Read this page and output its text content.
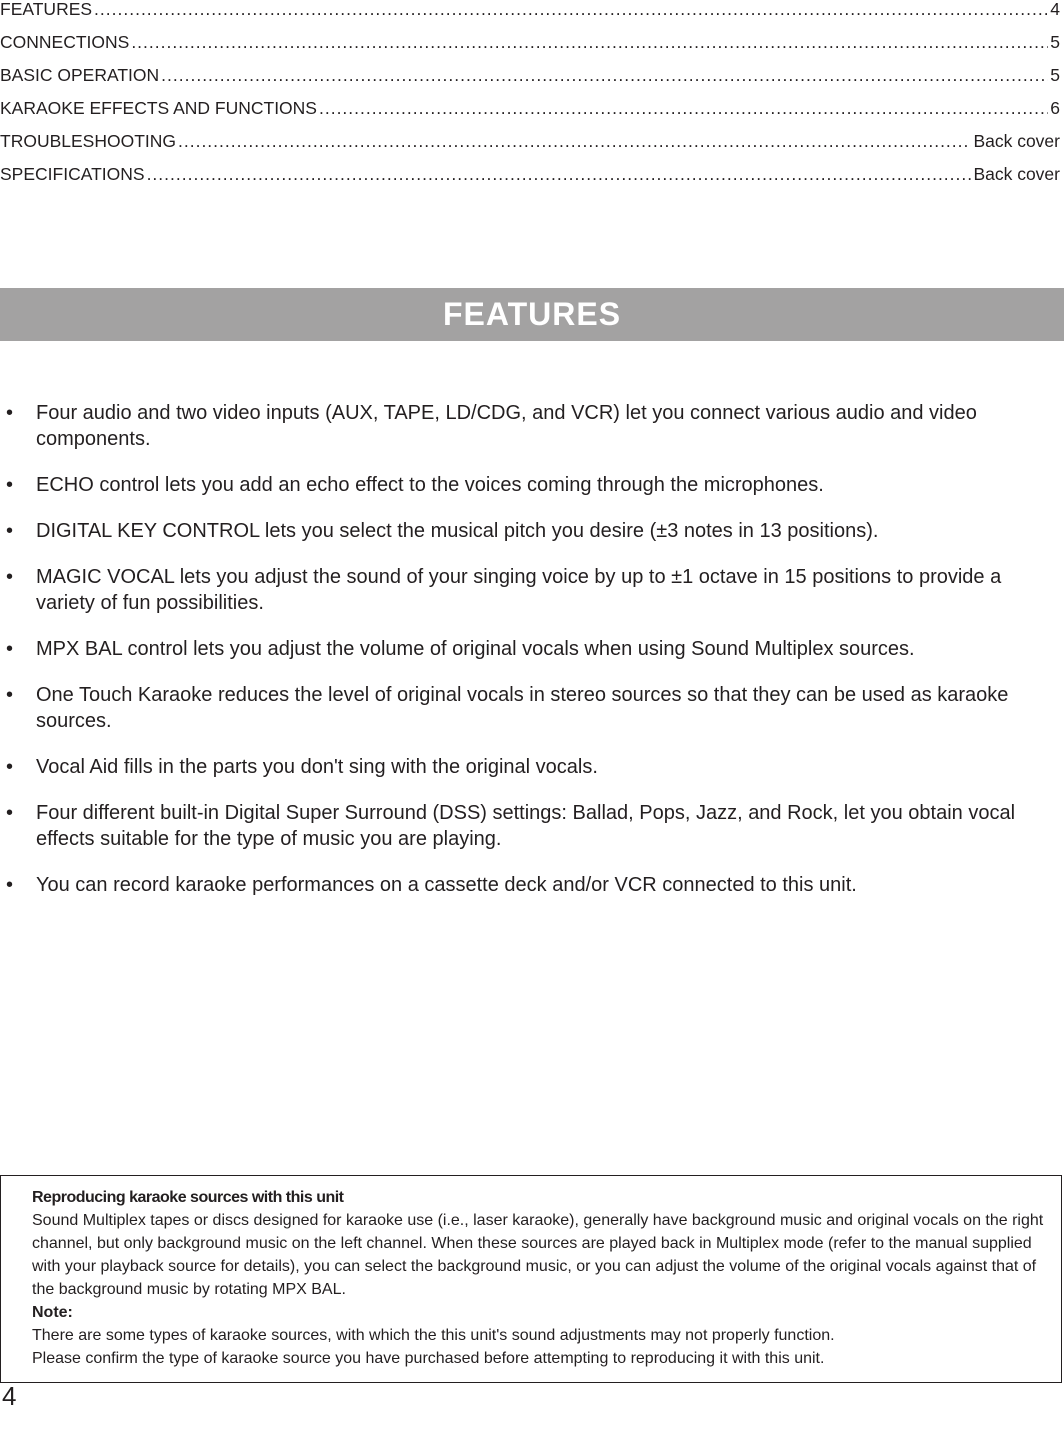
FEATURES .....	4
CONNECTIONS .....	5
BASIC OPERATION .....	5
KARAOKE EFFECTS AND FUNCTIONS .....	6
TROUBLESHOOTING .....	Back cover
SPECIFICATIONS .....	Back cover
FEATURES
• Four audio and two video inputs (AUX, TAPE, LD/CDG, and VCR) let you connect various audio and video components.
• ECHO control lets you add an echo effect to the voices coming through the microphones.
• DIGITAL KEY CONTROL lets you select the musical pitch you desire (±3 notes in 13 positions).
• MAGIC VOCAL lets you adjust the sound of your singing voice by up to ±1 octave in 15 positions to provide a variety of fun possibilities.
• MPX BAL control lets you adjust the volume of original vocals when using Sound Multiplex sources.
• One Touch Karaoke reduces the level of original vocals in stereo sources so that they can be used as karaoke sources.
• Vocal Aid fills in the parts you don't sing with the original vocals.
• Four different built-in Digital Super Surround (DSS) settings: Ballad, Pops, Jazz, and Rock, let you obtain vocal effects suitable for the type of music you are playing.
• You can record karaoke performances on a cassette deck and/or VCR connected to this unit.
Reproducing karaoke sources with this unit
Sound Multiplex tapes or discs designed for karaoke use (i.e., laser karaoke), generally have background music and original vocals on the right channel, but only background music on the left channel. When these sources are played back in Multiplex mode (refer to the manual supplied with your playback source for details), you can select the background music, or you can adjust the volume of the original vocals against that of the background music by rotating MPX BAL.
Note:
There are some types of karaoke sources, with which the this unit's sound adjustments may not properly function.
Please confirm the type of karaoke source you have purchased before attempting to reproducing it with this unit.
4
